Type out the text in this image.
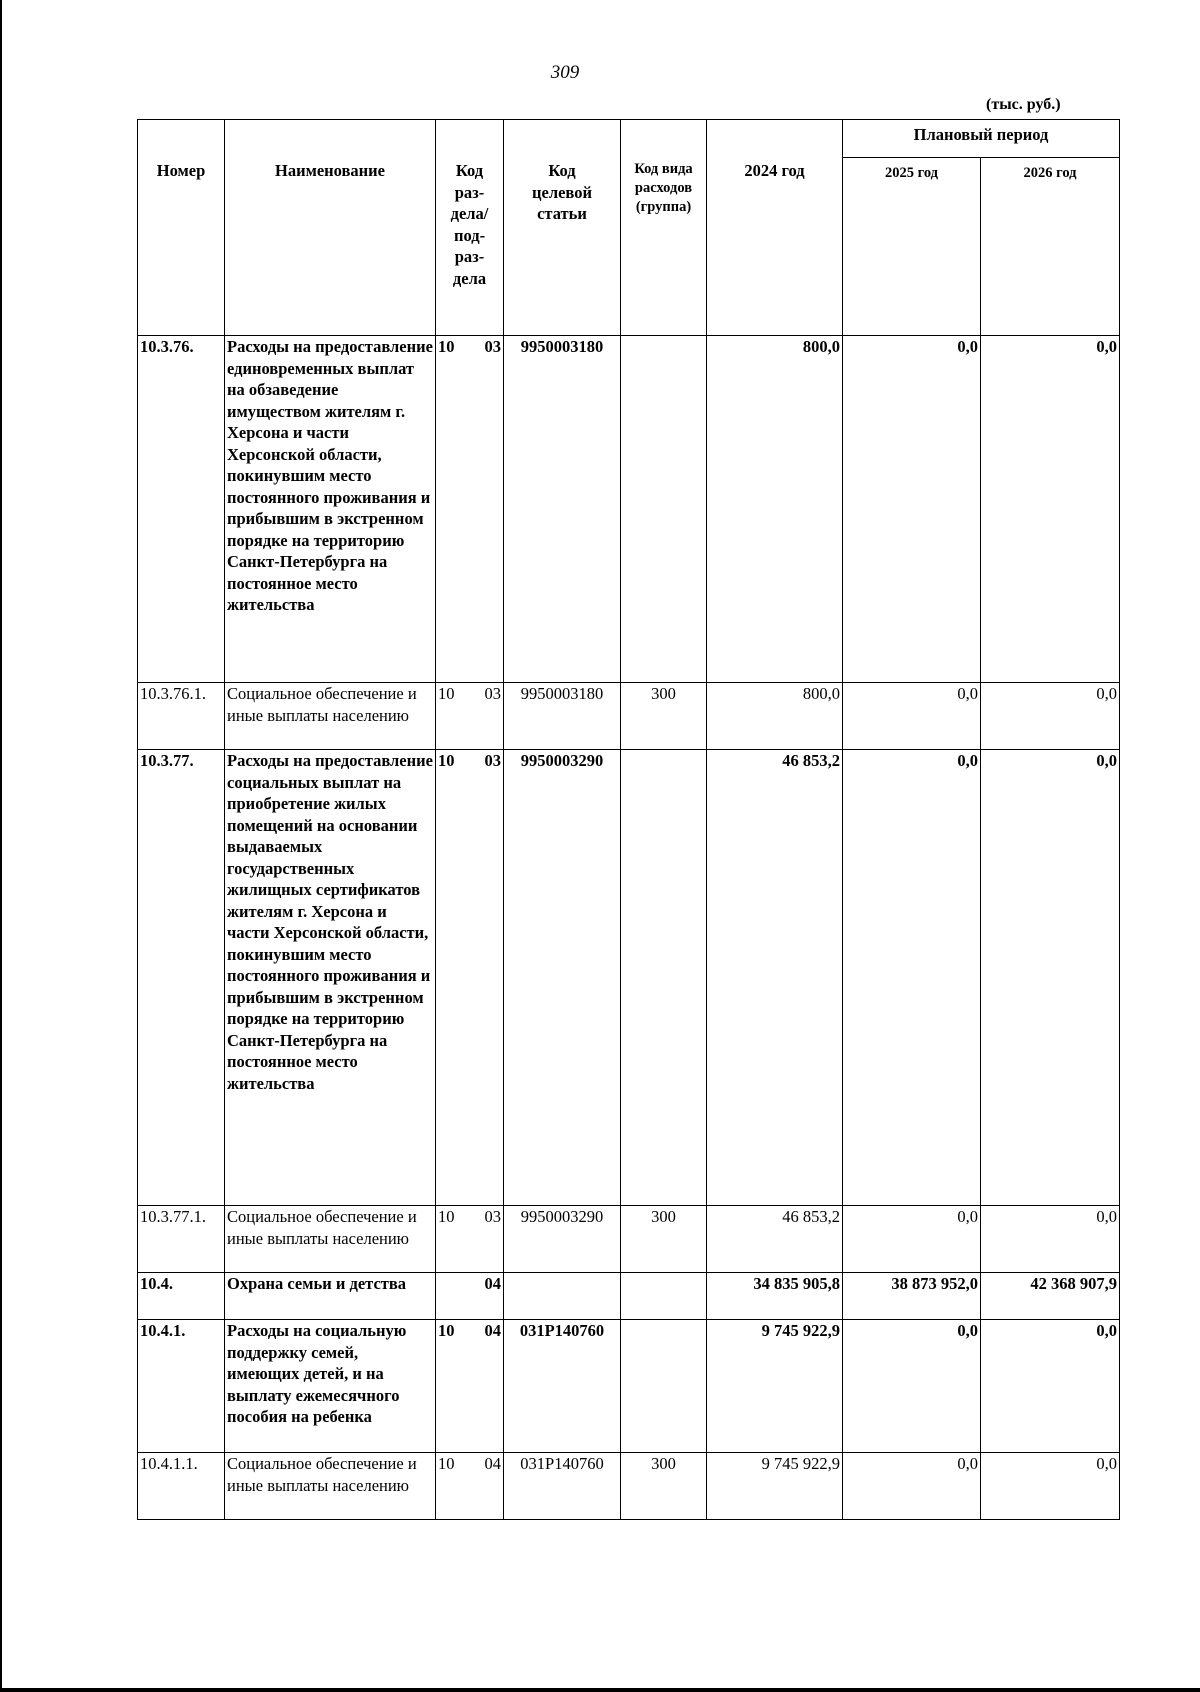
309
(тыс. руб.)
Номер	Наименование	Код раз-дела/ под-раз-дела	Код целевой статьи	Код вида расходов (группа)	2024 год	Плановый период	

						2025 год	2026 год

10.3.76.	Расходы на предоставление единовременных выплат на обзаведение имуществом жителям г. Херсона и части Херсонской области, покинувшим место постоянного проживания и прибывшим в экстренном порядке на территорию Санкт-Петербурга на постоянное место жительства	10 03	9950003180		800,0	0,0	0,0
10.3.76.1.	Социальное обеспечение и иные выплаты населению	10 03	9950003180	300	800,0	0,0	0,0
10.3.77.	Расходы на предоставление социальных выплат на приобретение жилых помещений на основании выдаваемых государственных жилищных сертификатов жителям г. Херсона и части Херсонской области, покинувшим место постоянного проживания и прибывшим в экстренном порядке на территорию Санкт-Петербурга на постоянное место жительства	10 03	9950003290		46 853,2	0,0	0,0
10.3.77.1.	Социальное обеспечение и иные выплаты населению	10 03	9950003290	300	46 853,2	0,0	0,0
10.4.	Охрана семьи и детства	04			34 835 905,8	38 873 952,0	42 368 907,9
10.4.1.	Расходы на социальную поддержку семей, имеющих детей, и на выплату ежемесячного пособия на ребенка	10 04	031Р140760		9 745 922,9	0,0	0,0
10.4.1.1.	Социальное обеспечение и иные выплаты населению	10 04	031Р140760	300	9 745 922,9	0,0	0,0
